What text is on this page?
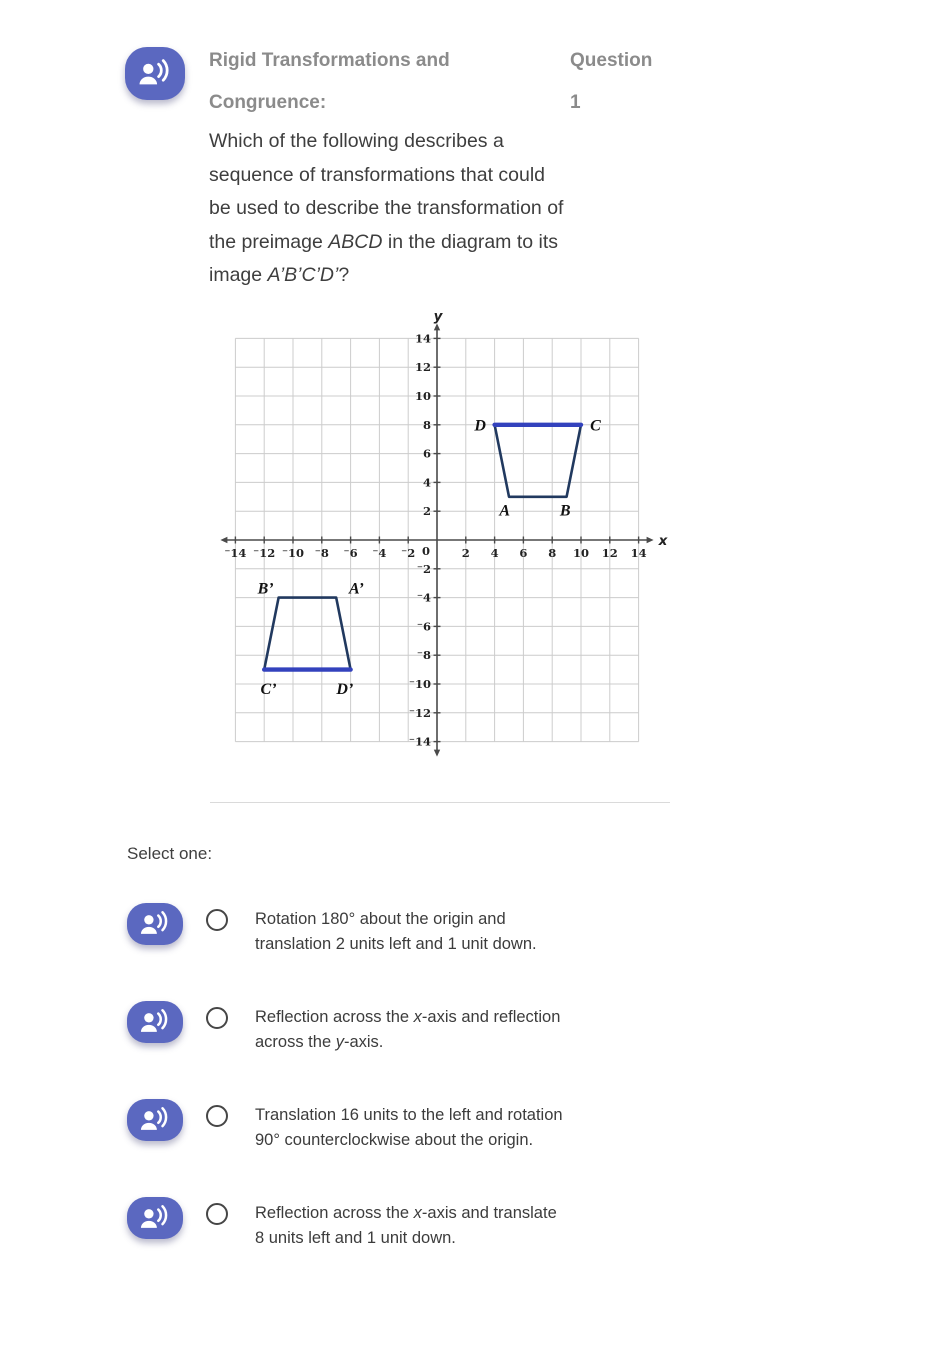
Rigid Transformations and
Congruence:
Question
1
Which of the following describes a
sequence of transformations that could
be used to describe the transformation of
the preimage ABCD in the diagram to its
image A’B’C’D’?
⁻14 ⁻12 ⁻10 ⁻8 ⁻6 ⁻4 ⁻2	2 4 6 8 10 12 14
⁻14
⁻12
⁻10
⁻8
⁻6
⁻4
⁻2
2
4
6
8
10
12
14
0
y
x
A	B
C
D
A’
B’
C’	D’
Select one:
Rotation 180° about the origin and
translation 2 units left and 1 unit down.
Reflection across the x-axis and reflection
across the y-axis.
Translation 16 units to the left and rotation
90° counterclockwise about the origin.
Reflection across the x-axis and translate
8 units left and 1 unit down.
